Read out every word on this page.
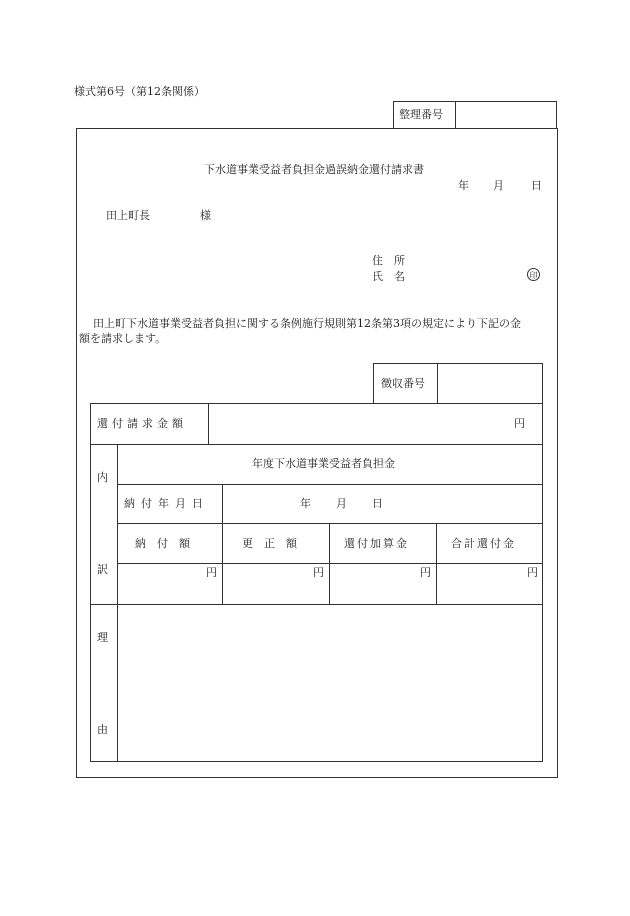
様式第6号（第12条関係）
整理番号
下水道事業受益者負担金過誤納金還付請求書
年 月 日
田上町長	様
住　所
氏　名	印
田上町下水道事業受益者負担に関する条例施行規則第12条第3項の規定により下記の金
額を請求します。
徴収番号
還付請求金額	円
内
訳
年度下水道事業受益者負担金
納付年月日	年 月 日
納　付　額	更　正　額	還付加算金	合計還付金
円	円	円	円
理
由
